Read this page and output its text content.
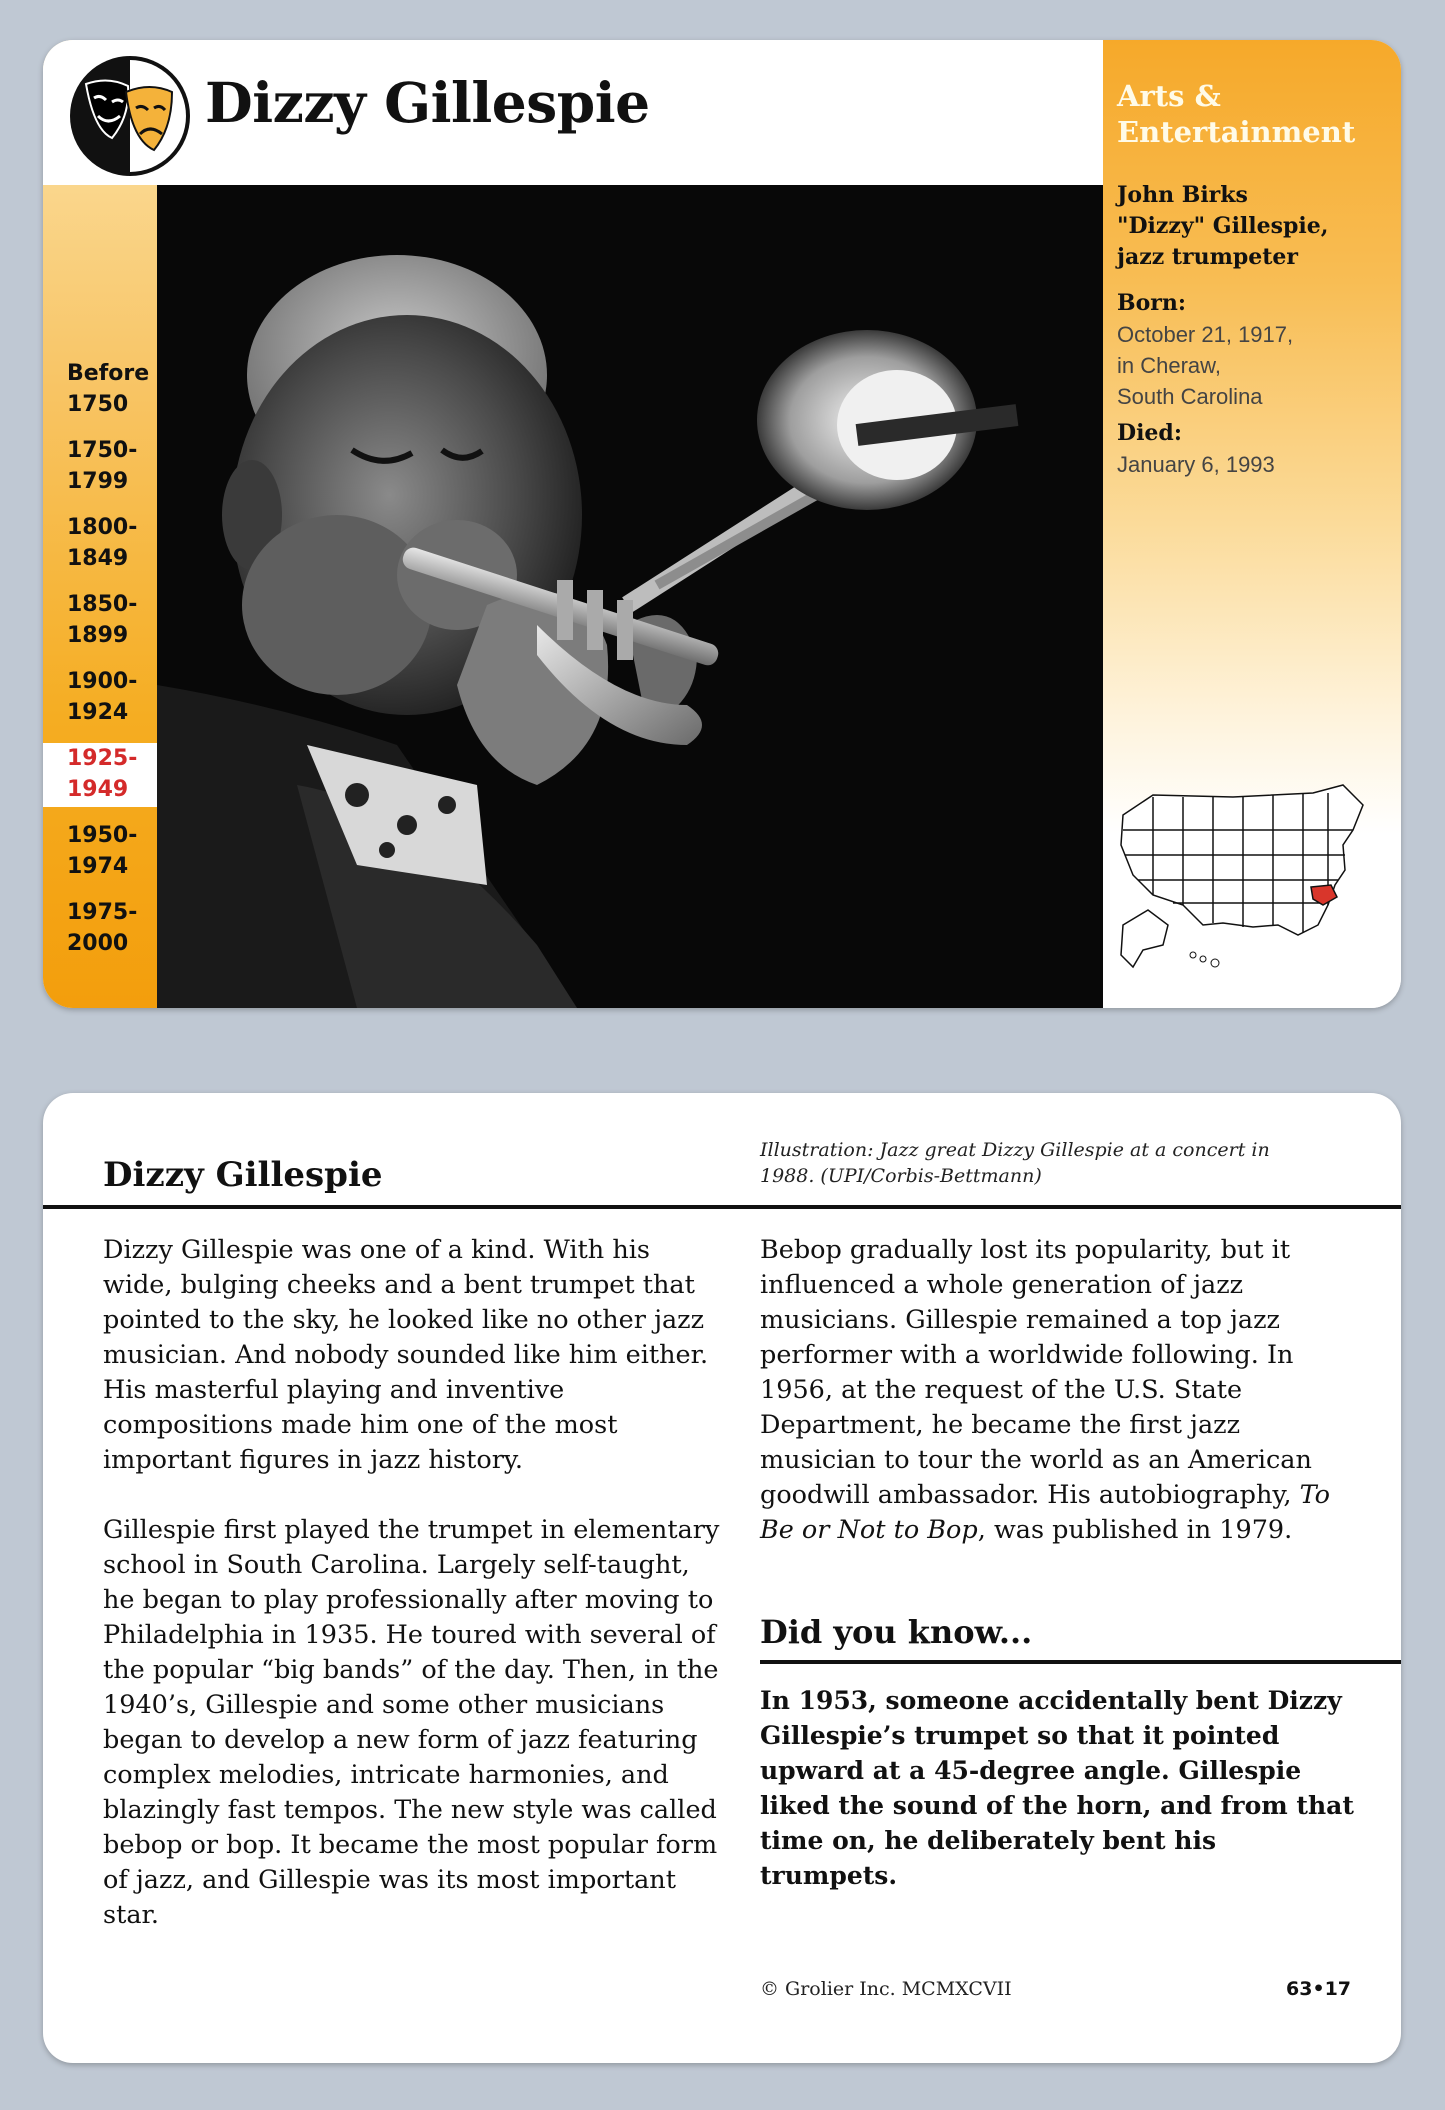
Dizzy Gillespie
Before
1750
1750-
1799
1800-
1849
1850-
1899
1900-
1924
1925-
1949
1950-
1974
1975-
2000
Arts &
Entertainment
John Birks
"Dizzy" Gillespie,
jazz trumpeter
Born:
October 21, 1917,
in Cheraw,
South Carolina
Died:
January 6, 1993
Dizzy Gillespie
Illustration: Jazz great Dizzy Gillespie at a concert in
1988. (UPI/Corbis-Bettmann)

Dizzy Gillespie was one of a kind. With his wide, bulging cheeks and a bent trumpet that pointed to the sky, he looked like no other jazz musician. And nobody sounded like him either. His masterful playing and inventive compositions made him one of the most important figures in jazz history.

Gillespie first played the trumpet in elementary school in South Carolina. Largely self-taught, he began to play professionally after moving to Philadelphia in 1935. He toured with several of the popular “big bands” of the day. Then, in the 1940’s, Gillespie and some other musicians began to develop a new form of jazz featuring complex melodies, intricate harmonies, and blazingly fast tempos. The new style was called bebop or bop. It became the most popular form of jazz, and Gillespie was its most important star.

Bebop gradually lost its popularity, but it influenced a whole generation of jazz musicians. Gillespie remained a top jazz performer with a worldwide following. In 1956, at the request of the U.S. State Department, he became the first jazz musician to tour the world as an American goodwill ambassador. His autobiography, To Be or Not to Bop, was published in 1979.

Did you know...
In 1953, someone accidentally bent Dizzy Gillespie’s trumpet so that it pointed upward at a 45-degree angle. Gillespie liked the sound of the horn, and from that time on, he deliberately bent his trumpets.
© Grolier Inc. MCMXCVII	63•17
